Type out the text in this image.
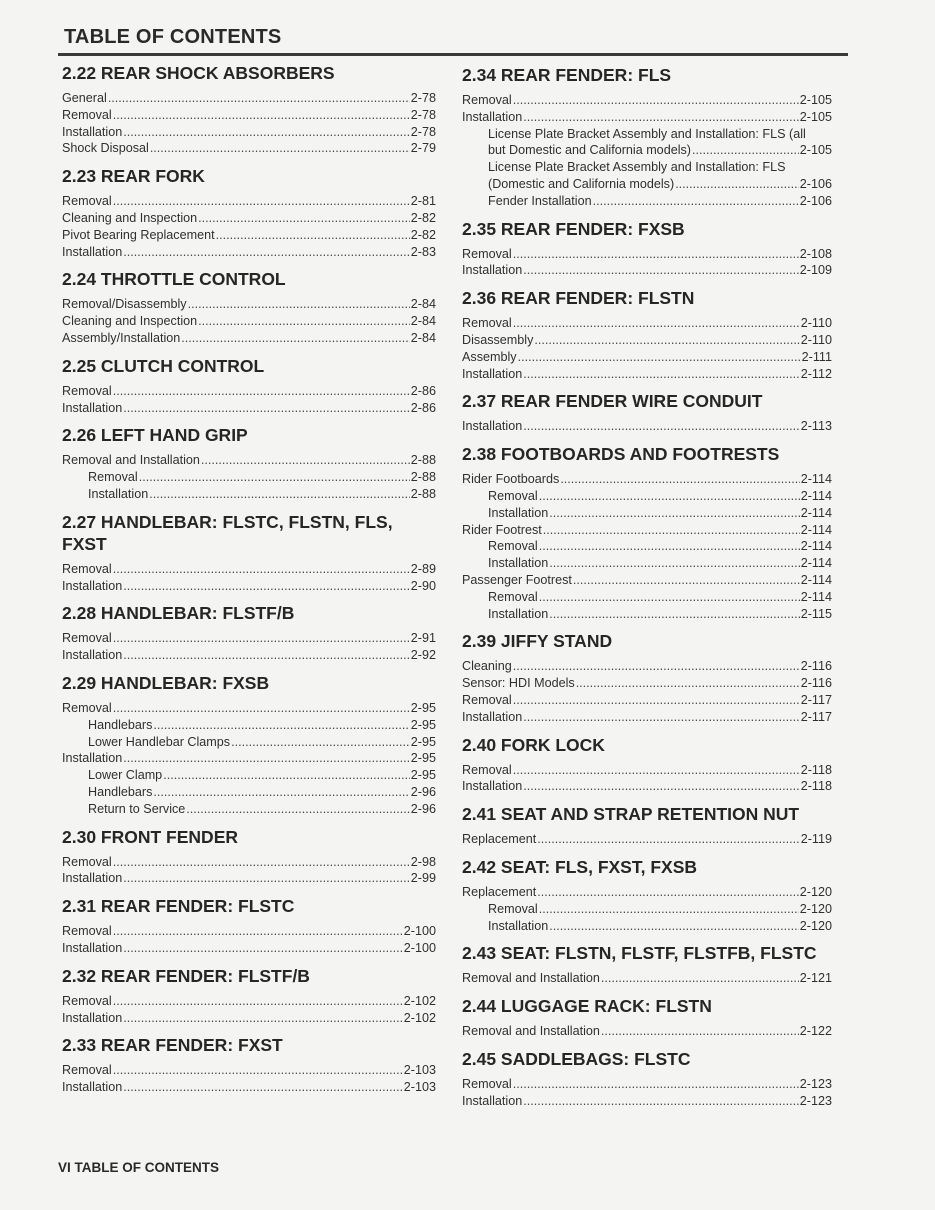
TABLE OF CONTENTS
2.22 REAR SHOCK ABSORBERS
General .....	2-78
Removal .....	2-78
Installation .....	2-78
Shock Disposal .....	2-79
2.23 REAR FORK
Removal .....	2-81
Cleaning and Inspection .....	2-82
Pivot Bearing Replacement .....	2-82
Installation .....	2-83
2.24 THROTTLE CONTROL
Removal/Disassembly .....	2-84
Cleaning and Inspection .....	2-84
Assembly/Installation .....	2-84
2.25 CLUTCH CONTROL
Removal .....	2-86
Installation .....	2-86
2.26 LEFT HAND GRIP
Removal and Installation .....	2-88
Removal .....	2-88
Installation .....	2-88
2.27 HANDLEBAR: FLSTC, FLSTN, FLS, FXST
Removal .....	2-89
Installation .....	2-90
2.28 HANDLEBAR: FLSTF/B
Removal .....	2-91
Installation .....	2-92
2.29 HANDLEBAR: FXSB
Removal .....	2-95
Handlebars .....	2-95
Lower Handlebar Clamps .....	2-95
Installation .....	2-95
Lower Clamp .....	2-95
Handlebars .....	2-96
Return to Service .....	2-96
2.30 FRONT FENDER
Removal .....	2-98
Installation .....	2-99
2.31 REAR FENDER: FLSTC
Removal .....	2-100
Installation .....	2-100
2.32 REAR FENDER: FLSTF/B
Removal .....	2-102
Installation .....	2-102
2.33 REAR FENDER: FXST
Removal .....	2-103
Installation .....	2-103
2.34 REAR FENDER: FLS
Removal .....	2-105
Installation .....	2-105
License Plate Bracket Assembly and Installation: FLS (all
but Domestic and California models) .....	2-105
License Plate Bracket Assembly and Installation: FLS
(Domestic and California models) .....	2-106
Fender Installation .....	2-106
2.35 REAR FENDER: FXSB
Removal .....	2-108
Installation .....	2-109
2.36 REAR FENDER: FLSTN
Removal .....	2-110
Disassembly .....	2-110
Assembly .....	2-111
Installation .....	2-112
2.37 REAR FENDER WIRE CONDUIT
Installation .....	2-113
2.38 FOOTBOARDS AND FOOTRESTS
Rider Footboards .....	2-114
Removal .....	2-114
Installation .....	2-114
Rider Footrest .....	2-114
Removal .....	2-114
Installation .....	2-114
Passenger Footrest .....	2-114
Removal .....	2-114
Installation .....	2-115
2.39 JIFFY STAND
Cleaning .....	2-116
Sensor: HDI Models .....	2-116
Removal .....	2-117
Installation .....	2-117
2.40 FORK LOCK
Removal .....	2-118
Installation .....	2-118
2.41 SEAT AND STRAP RETENTION NUT
Replacement .....	2-119
2.42 SEAT: FLS, FXST, FXSB
Replacement .....	2-120
Removal .....	2-120
Installation .....	2-120
2.43 SEAT: FLSTN, FLSTF, FLSTFB, FLSTC
Removal and Installation .....	2-121
2.44 LUGGAGE RACK: FLSTN
Removal and Installation .....	2-122
2.45 SADDLEBAGS: FLSTC
Removal .....	2-123
Installation .....	2-123
VI TABLE OF CONTENTS
